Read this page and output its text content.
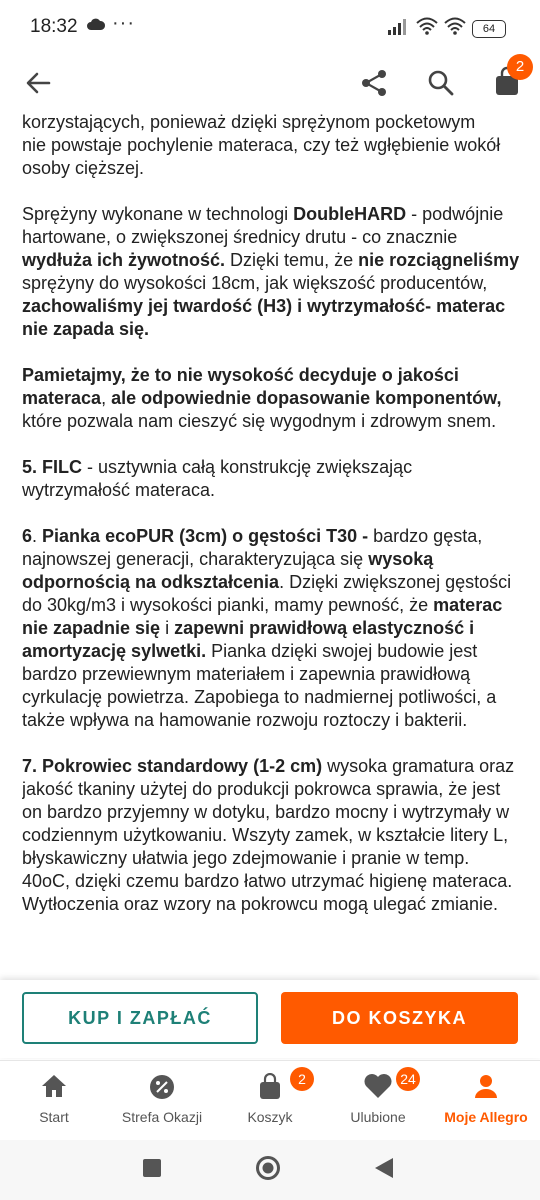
18:32 ···	64
2

korzystających, ponieważ dzięki sprężynom pocketowym

nie powstaje pochylenie materaca, czy też wgłębienie wokół osoby cięższej.

Sprężyny wykonane w technologi DoubleHARD - podwójnie hartowane, o zwiększonej średnicy drutu - co znacznie wydłuża ich żywotność. Dzięki temu, że nie rozciągneliśmy sprężyny do wysokości 18cm, jak większość producentów, zachowaliśmy jej twardość (H3) i wytrzymałość- materac nie zapada się.

Pamietajmy, że to nie wysokość decyduje o jakości materaca, ale odpowiednie dopasowanie komponentów, które pozwala nam cieszyć się wygodnym i zdrowym snem.

5. FILC - usztywnia całą konstrukcję zwiększając wytrzymałość materaca.

6. Pianka ecoPUR (3cm) o gęstości T30 - bardzo gęsta, najnowszej generacji, charakteryzująca się wysoką odpornością na odkształcenia. Dzięki zwiększonej gęstości do 30kg/m3 i wysokości pianki, mamy pewność, że materac nie zapadnie się i zapewni prawidłową elastyczność i amortyzację sylwetki. Pianka dzięki swojej budowie jest bardzo przewiewnym materiałem i zapewnia prawidłową cyrkulację powietrza. Zapobiega to nadmiernej potliwości, a także wpływa na hamowanie rozwoju roztoczy i bakterii.

7. Pokrowiec standardowy (1-2 cm) wysoka gramatura oraz jakość tkaniny użytej do produkcji pokrowca sprawia, że jest on bardzo przyjemny w dotyku, bardzo mocny i wytrzymały w codziennym użytkowaniu. Wszyty zamek, w kształcie litery L, błyskawiczny ułatwia jego zdejmowanie i pranie w temp. 40oC, dzięki czemu bardzo łatwo utrzymać higienę materaca. Wytłoczenia oraz wzory na pokrowcu mogą ulegać zmianie.

KUP I ZAPŁAĆ	DO KOSZYKA
Start	Strefa Okazji
2
Koszyk
24
Ulubione	Moje Allegro
